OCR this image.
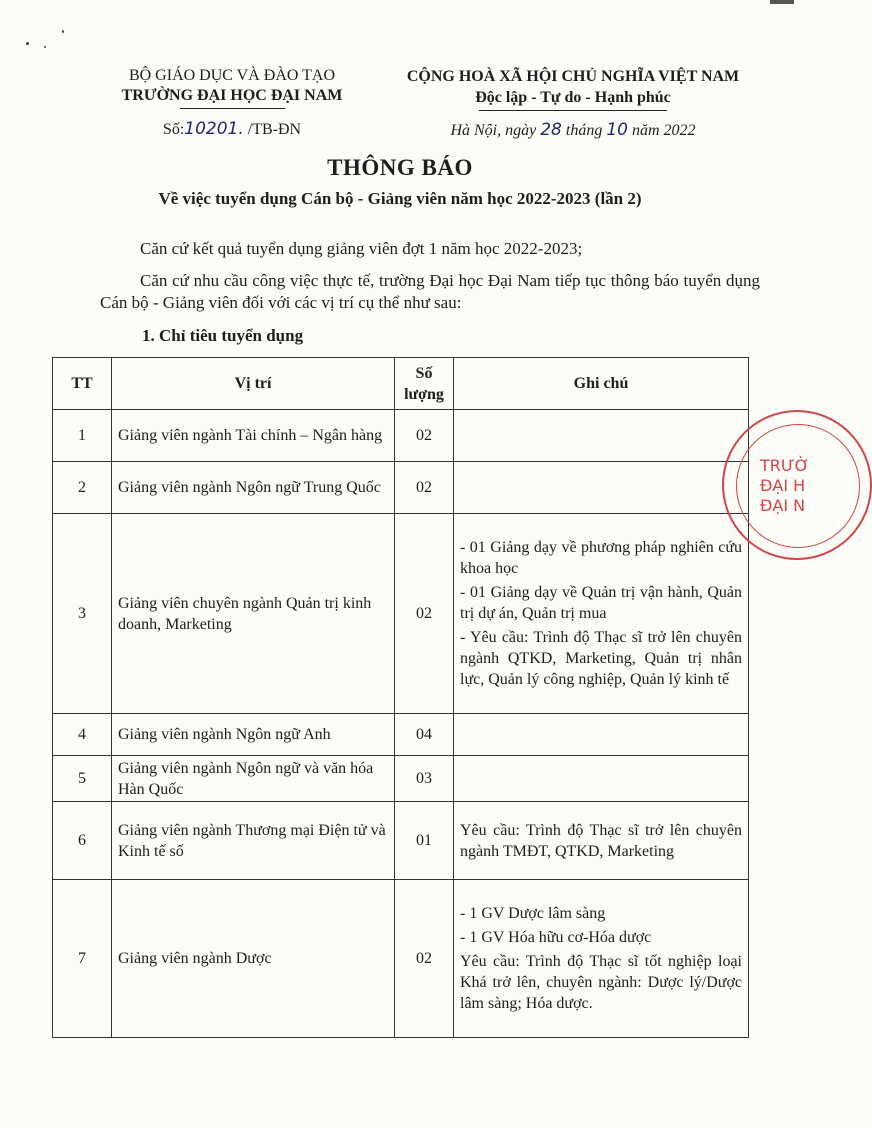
BỘ GIÁO DỤC VÀ ĐÀO TẠO
TRƯỜNG ĐẠI HỌC ĐẠI NAM
Số:10201. /TB-ĐN
CỘNG HOÀ XÃ HỘI CHỦ NGHĨA VIỆT NAM
Độc lập - Tự do - Hạnh phúc
Hà Nội, ngày 28 tháng 10 năm 2022
THÔNG BÁO
Về việc tuyển dụng Cán bộ - Giảng viên năm học 2022-2023 (lần 2)
Căn cứ kết quả tuyển dụng giảng viên đợt 1 năm học 2022-2023;
Căn cứ nhu cầu công việc thực tế, trường Đại học Đại Nam tiếp tục thông báo tuyển dụng Cán bộ - Giảng viên đối với các vị trí cụ thể như sau:
1. Chỉ tiêu tuyển dụng
TT	Vị trí	Số lượng	Ghi chú
1	Giảng viên ngành Tài chính – Ngân hàng	02	
2	Giảng viên ngành Ngôn ngữ Trung Quốc	02	
3	Giảng viên chuyên ngành Quản trị kinh doanh, Marketing	02	- 01 Giảng dạy về phương pháp nghiên cứu khoa học
- 01 Giảng dạy về Quản trị vận hành, Quản trị dự án, Quản trị mua
- Yêu cầu: Trình độ Thạc sĩ trở lên chuyên ngành QTKD, Marketing, Quản trị nhân lực, Quản lý công nghiệp, Quản lý kinh tế

4	Giảng viên ngành Ngôn ngữ Anh	04	
5	Giảng viên ngành Ngôn ngữ và văn hóa Hàn Quốc	03	
6	Giảng viên ngành Thương mại Điện tử và Kinh tế số	01	Yêu cầu: Trình độ Thạc sĩ trở lên chuyên ngành TMĐT, QTKD, Marketing

7	Giảng viên ngành Dược	02	- 1 GV Dược lâm sàng
- 1 GV Hóa hữu cơ-Hóa dược
Yêu cầu: Trình độ Thạc sĩ tốt nghiệp loại Khá trở lên, chuyên ngành: Dược lý/Dược lâm sàng; Hóa dược.
TRƯỜ
ĐẠI H
ĐẠI N
